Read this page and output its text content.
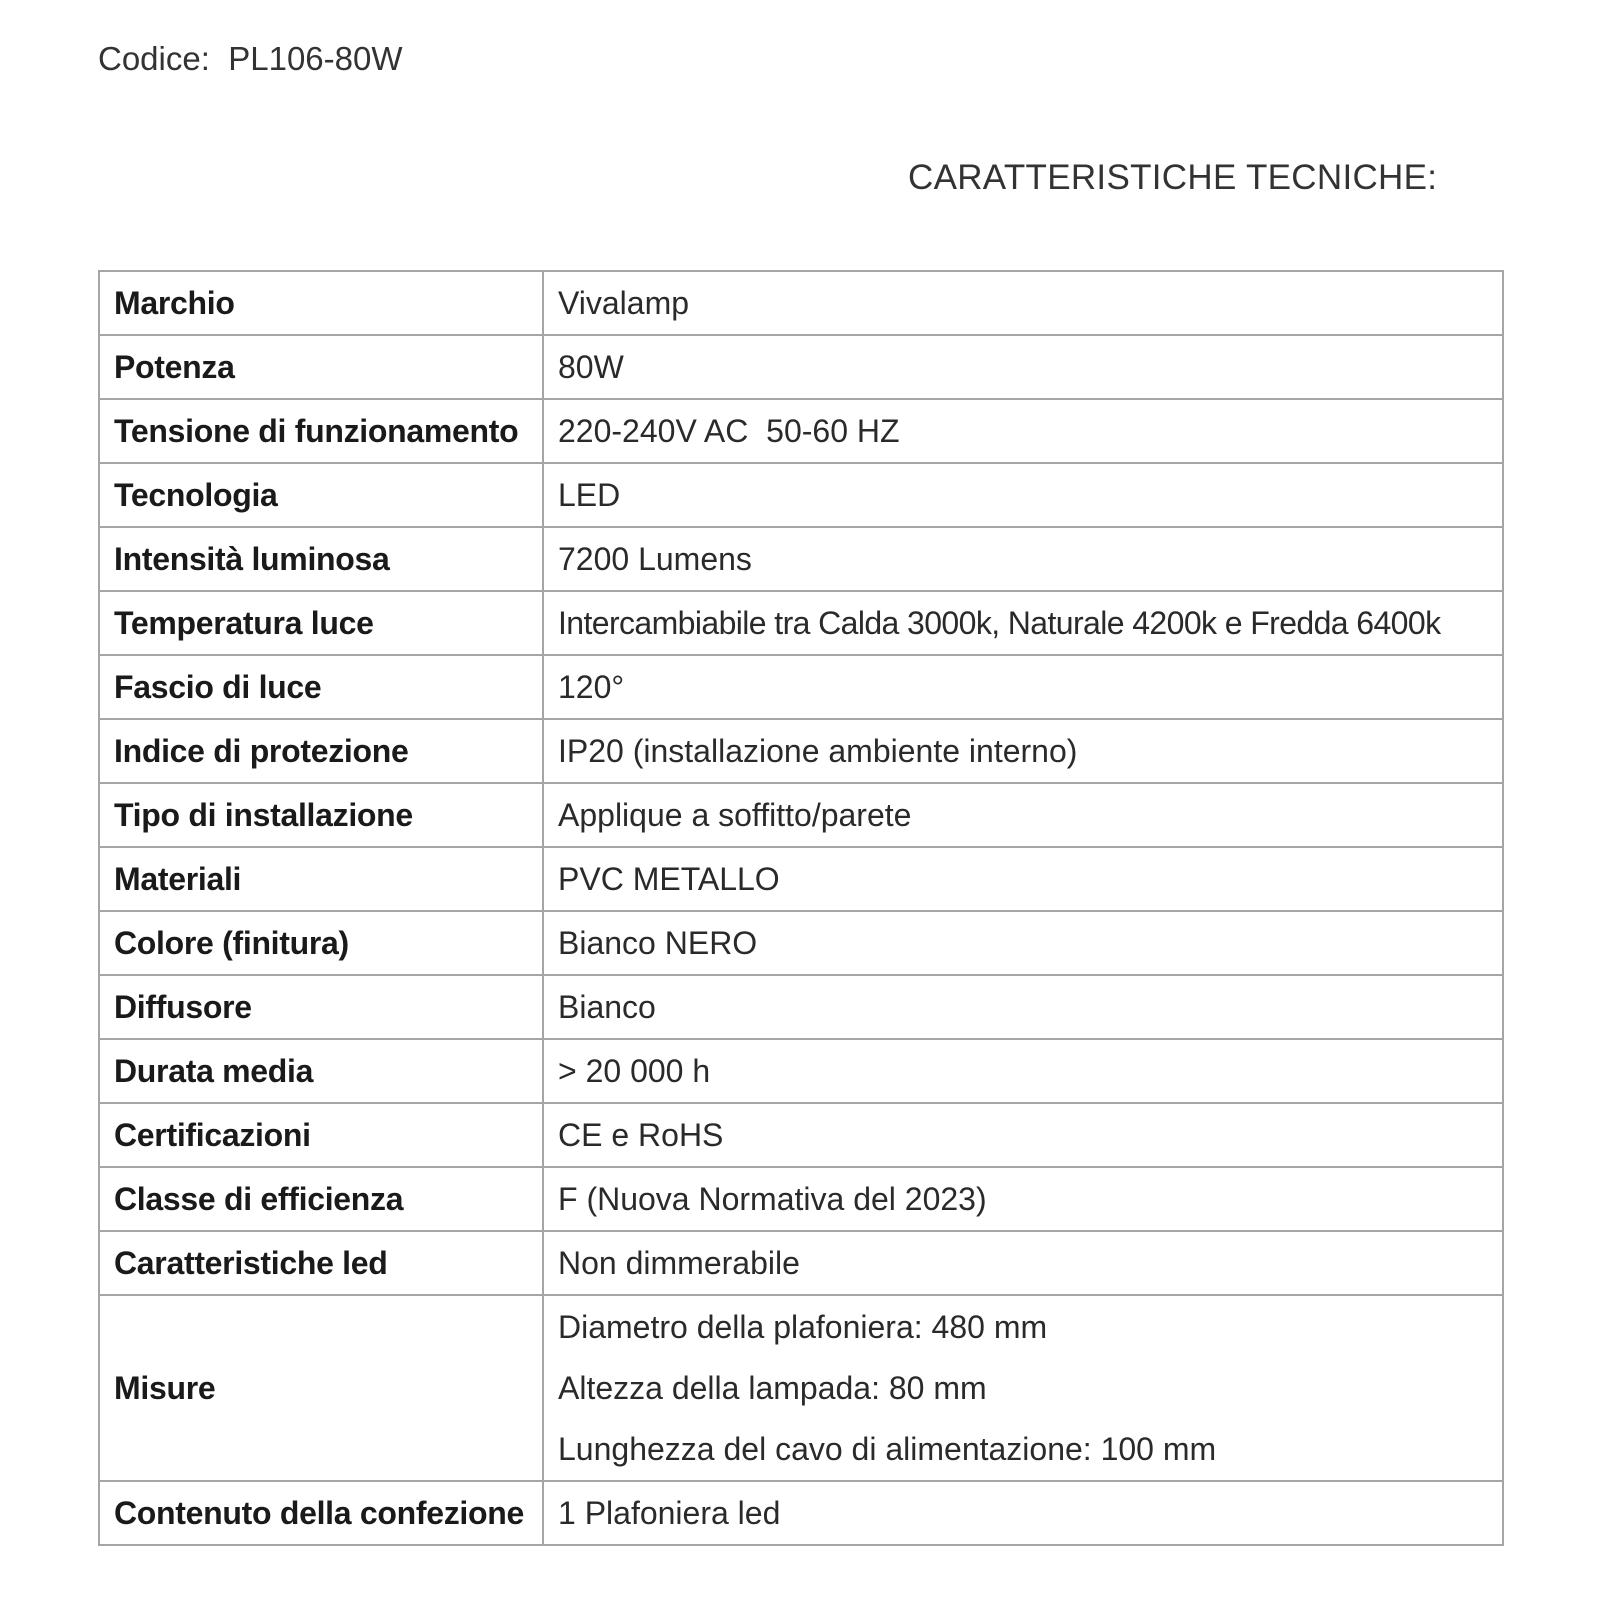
Codice: PL106-80W
CARATTERISTICHE TECNICHE:
Marchio	Vivalamp
Potenza	80W
Tensione di funzionamento	220-240V AC  50-60 HZ
Tecnologia	LED
Intensità luminosa	7200 Lumens
Temperatura luce	Intercambiabile tra Calda 3000k, Naturale 4200k e Fredda 6400k
Fascio di luce	120°
Indice di protezione	IP20 (installazione ambiente interno)
Tipo di installazione	Applique a soffitto/parete
Materiali	PVC METALLO
Colore (finitura)	Bianco NERO
Diffusore	Bianco
Durata media	> 20 000 h
Certificazioni	CE e RoHS
Classe di efficienza	F (Nuova Normativa del 2023)
Caratteristiche led	Non dimmerabile
Misure	Diametro della plafoniera: 480 mm
Altezza della lampada: 80 mm
Lunghezza del cavo di alimentazione: 100 mm

Contenuto della confezione	1 Plafoniera led
